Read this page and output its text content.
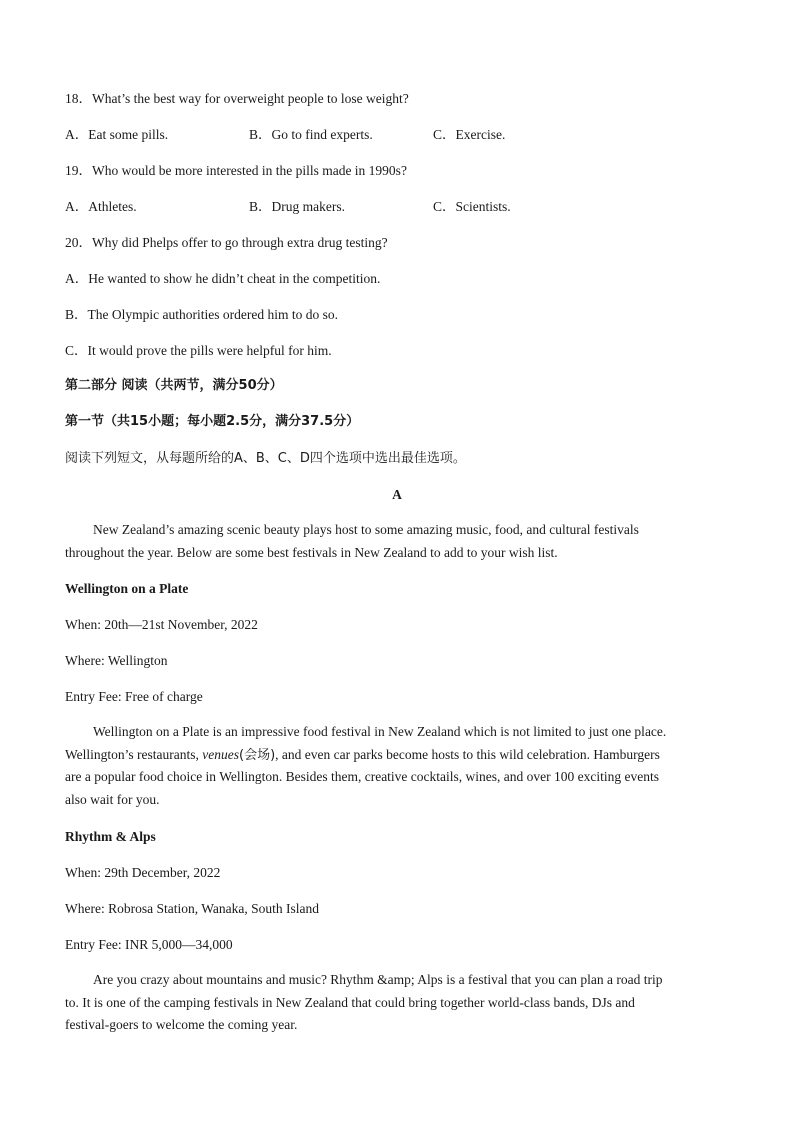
18．What’s the best way for overweight people to lose weight?
A．Eat some pills.	B．Go to find experts.	C．Exercise.
19．Who would be more interested in the pills made in 1990s?
A．Athletes.	B．Drug makers.	C．Scientists.
20．Why did Phelps offer to go through extra drug testing?
A．He wanted to show he didn’t cheat in the competition.
B．The Olympic authorities ordered him to do so.
C．It would prove the pills were helpful for him.
第二部分 阅读（共两节，满分50分）
第一节（共15小题；每小题2.5分，满分37.5分）
阅读下列短文，从每题所给的A、B、C、D四个选项中选出最佳选项。
A
New Zealand’s amazing scenic beauty plays host to some amazing music, food, and cultural festivals
throughout the year. Below are some best festivals in New Zealand to add to your wish list.
Wellington on a Plate
When: 20th—21st November, 2022
Where: Wellington
Entry Fee: Free of charge
Wellington on a Plate is an impressive food festival in New Zealand which is not limited to just one place.
Wellington’s restaurants, venues(会场), and even car parks become hosts to this wild celebration. Hamburgers
are a popular food choice in Wellington. Besides them, creative cocktails, wines, and over 100 exciting events
also wait for you.
Rhythm & Alps
When: 29th December, 2022
Where: Robrosa Station, Wanaka, South Island
Entry Fee: INR 5,000—34,000
Are you crazy about mountains and music? Rhythm &amp; Alps is a festival that you can plan a road trip
to. It is one of the camping festivals in New Zealand that could bring together world-class bands, DJs and
festival-goers to welcome the coming year.
